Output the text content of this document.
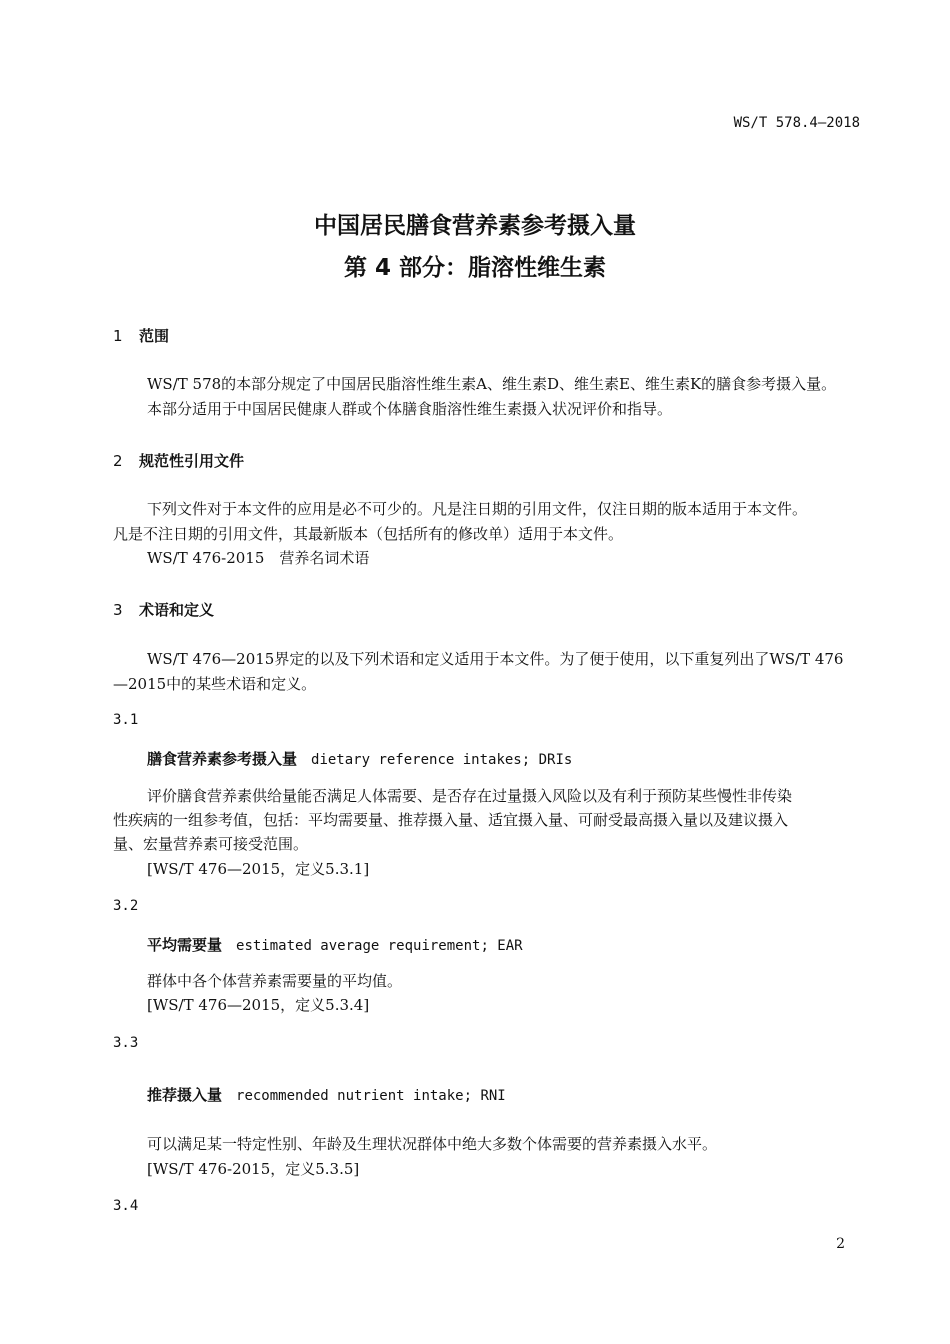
WS/T 578.4—2018
中国居民膳食营养素参考摄入量
第 4 部分：脂溶性维生素
1 范围
WS/T 578的本部分规定了中国居民脂溶性维生素A、维生素D、维生素E、维生素K的膳食参考摄入量。
本部分适用于中国居民健康人群或个体膳食脂溶性维生素摄入状况评价和指导。
2 规范性引用文件
下列文件对于本文件的应用是必不可少的。凡是注日期的引用文件，仅注日期的版本适用于本文件。
凡是不注日期的引用文件，其最新版本（包括所有的修改单）适用于本文件。
WS/T 476-2015　营养名词术语
3 术语和定义
WS/T 476—2015界定的以及下列术语和定义适用于本文件。为了便于使用，以下重复列出了WS/T 476
—2015中的某些术语和定义。
3.1
膳食营养素参考摄入量 dietary reference intakes; DRIs
评价膳食营养素供给量能否满足人体需要、是否存在过量摄入风险以及有利于预防某些慢性非传染
性疾病的一组参考值，包括：平均需要量、推荐摄入量、适宜摄入量、可耐受最高摄入量以及建议摄入
量、宏量营养素可接受范围。
[WS/T 476—2015，定义5.3.1]
3.2
平均需要量 estimated average requirement; EAR
群体中各个体营养素需要量的平均值。
[WS/T 476—2015，定义5.3.4]
3.3
推荐摄入量 recommended nutrient intake; RNI
可以满足某一特定性别、年龄及生理状况群体中绝大多数个体需要的营养素摄入水平。
[WS/T 476-2015，定义5.3.5]
3.4
2
